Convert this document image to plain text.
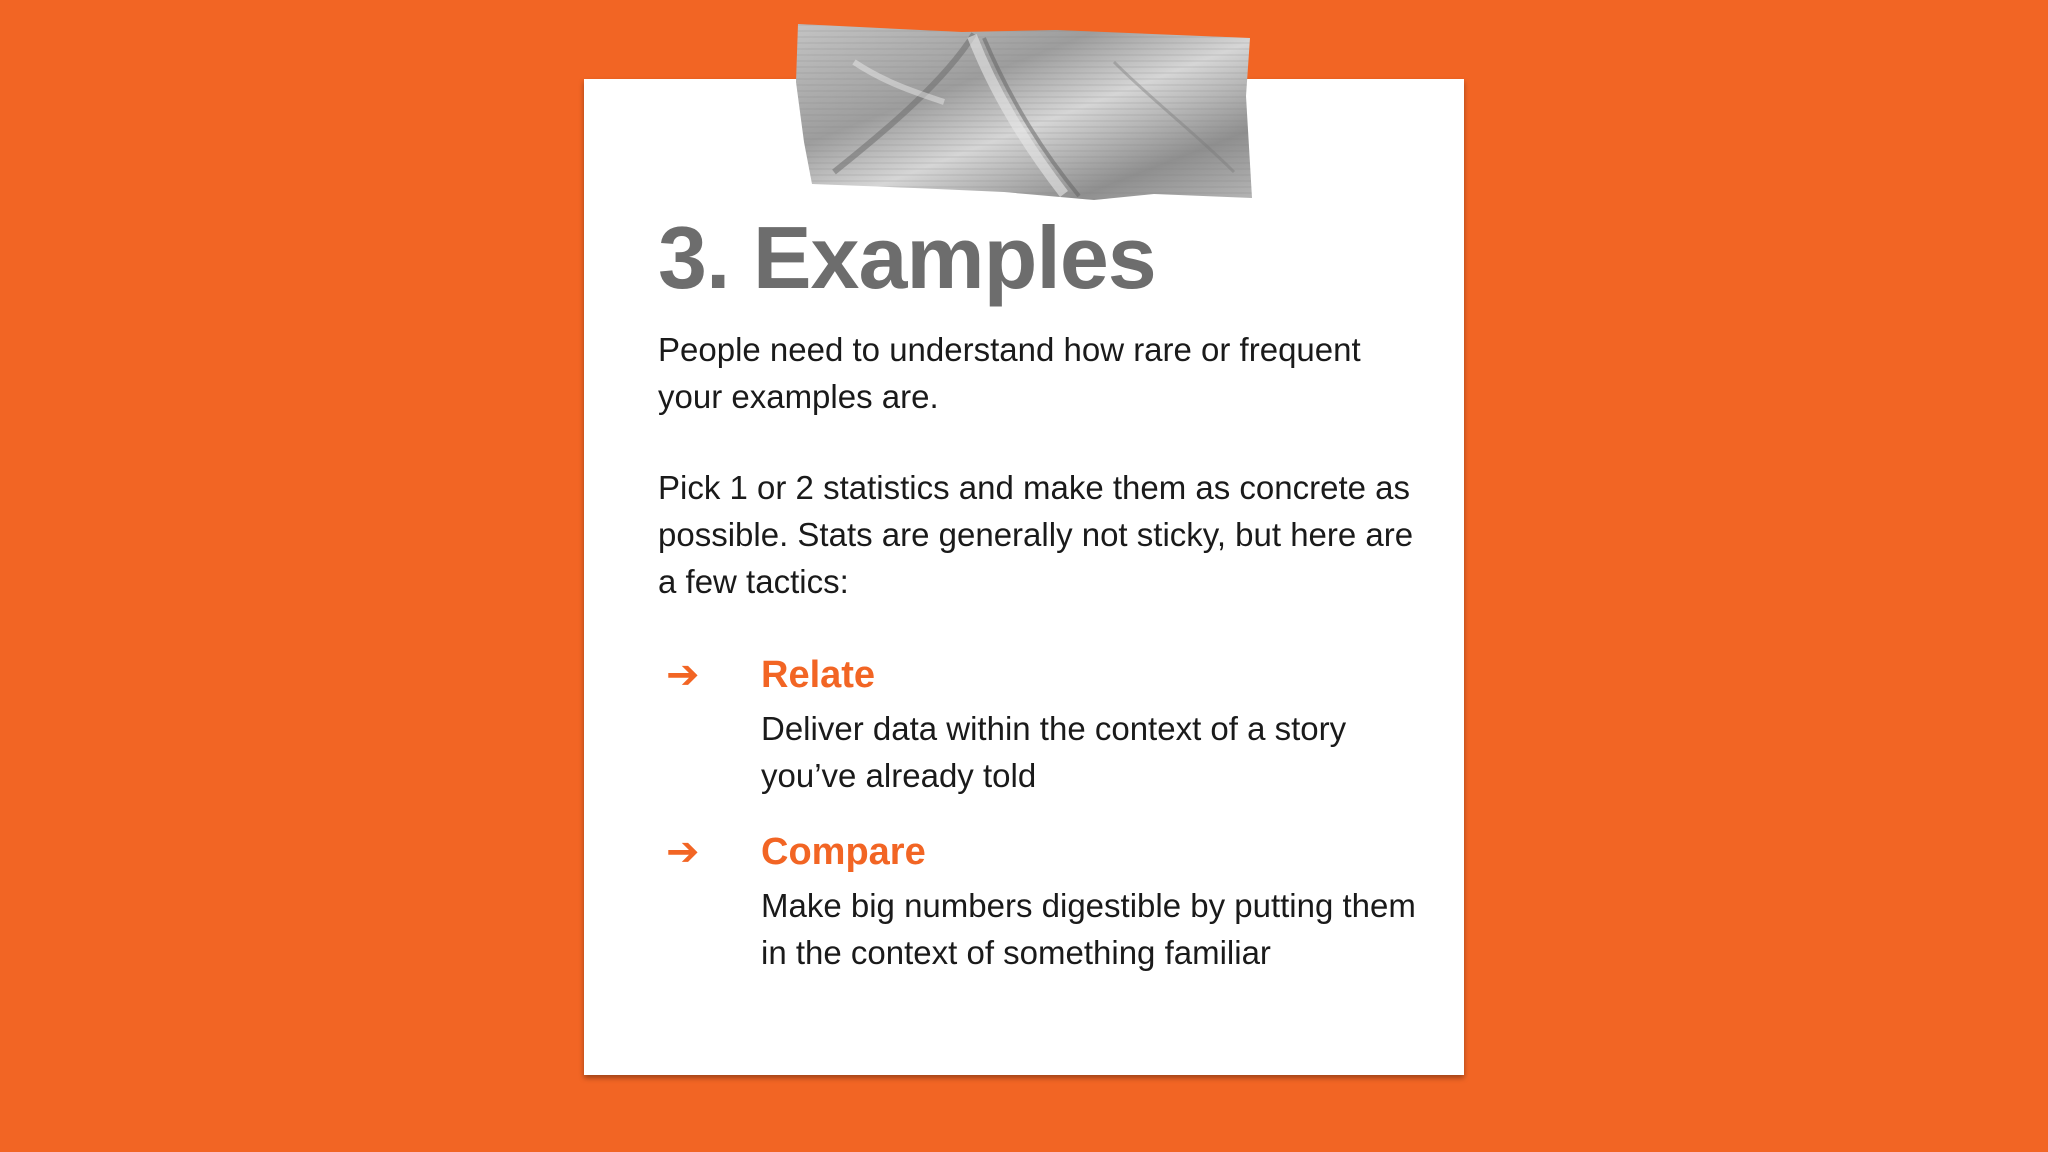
3. Examples

People need to understand how rare or frequent your examples are.

Pick 1 or 2 statistics and make them as concrete as possible. Stats are generally not sticky, but here are a few tactics:

➔ Relate

Deliver data within the context of a story you’ve already told

➔ Compare

Make big numbers digestible by putting them in the context of something familiar
